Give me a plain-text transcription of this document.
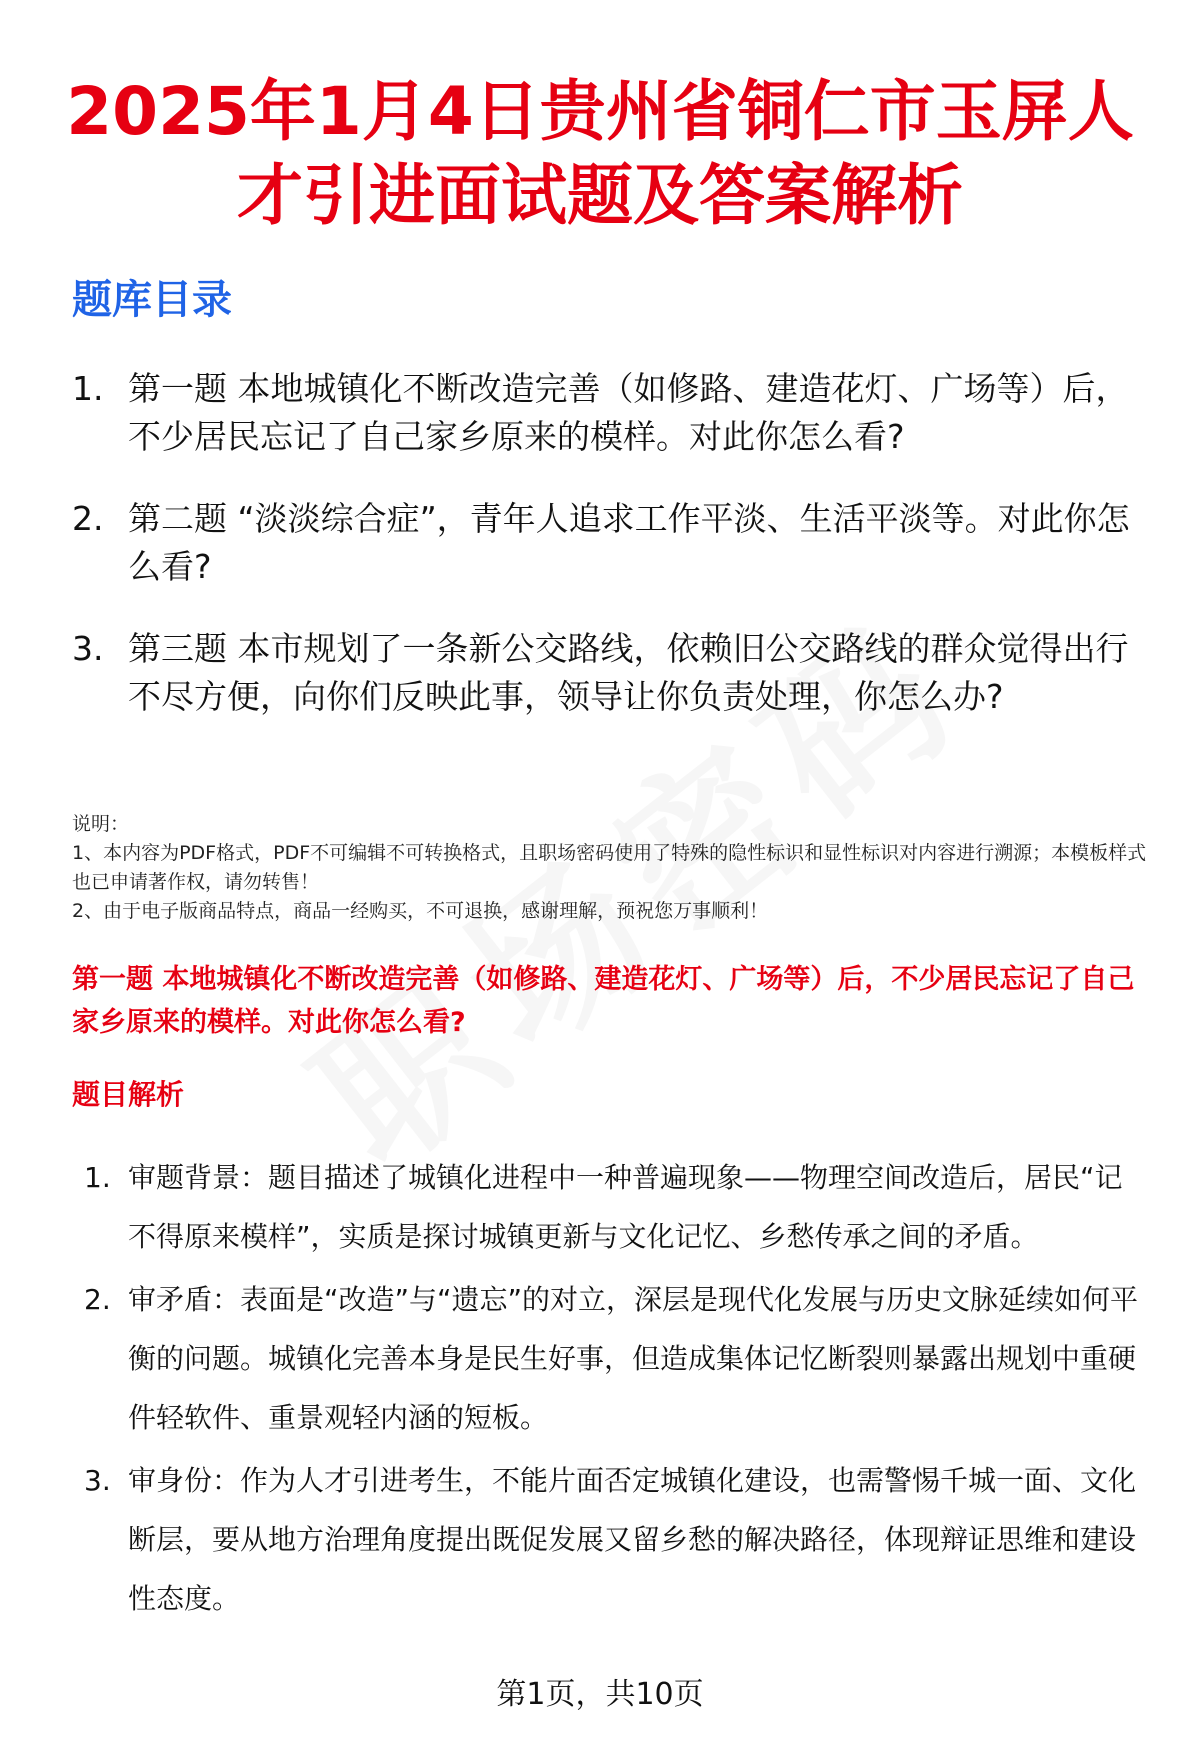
2025年1月4日贵州省铜仁市玉屏人才引进面试题及答案解析
题库目录
1. 第一题 本地城镇化不断改造完善（如修路、建造花灯、广场等）后，不少居民忘记了自己家乡原来的模样。对此你怎么看?
2. 第二题 “淡淡综合症”，青年人追求工作平淡、生活平淡等。对此你怎么看?
3. 第三题 本市规划了一条新公交路线，依赖旧公交路线的群众觉得出行不尽方便，向你们反映此事，领导让你负责处理，你怎么办?
说明：
1、本内容为PDF格式，PDF不可编辑不可转换格式，且职场密码使用了特殊的隐性标识和显性标识对内容进行溯源；本模板样式也已申请著作权，请勿转售！
2、由于电子版商品特点，商品一经购买，不可退换，感谢理解，预祝您万事顺利！
第一题 本地城镇化不断改造完善（如修路、建造花灯、广场等）后，不少居民忘记了自己家乡原来的模样。对此你怎么看?
题目解析
1. 审题背景：题目描述了城镇化进程中一种普遍现象——物理空间改造后，居民“记不得原来模样”，实质是探讨城镇更新与文化记忆、乡愁传承之间的矛盾。
2. 审矛盾：表面是“改造”与“遗忘”的对立，深层是现代化发展与历史文脉延续如何平衡的问题。城镇化完善本身是民生好事，但造成集体记忆断裂则暴露出规划中重硬件轻软件、重景观轻内涵的短板。
3. 审身份：作为人才引进考生，不能片面否定城镇化建设，也需警惕千城一面、文化断层，要从地方治理角度提出既促发展又留乡愁的解决路径，体现辩证思维和建设性态度。
第1页，共10页
